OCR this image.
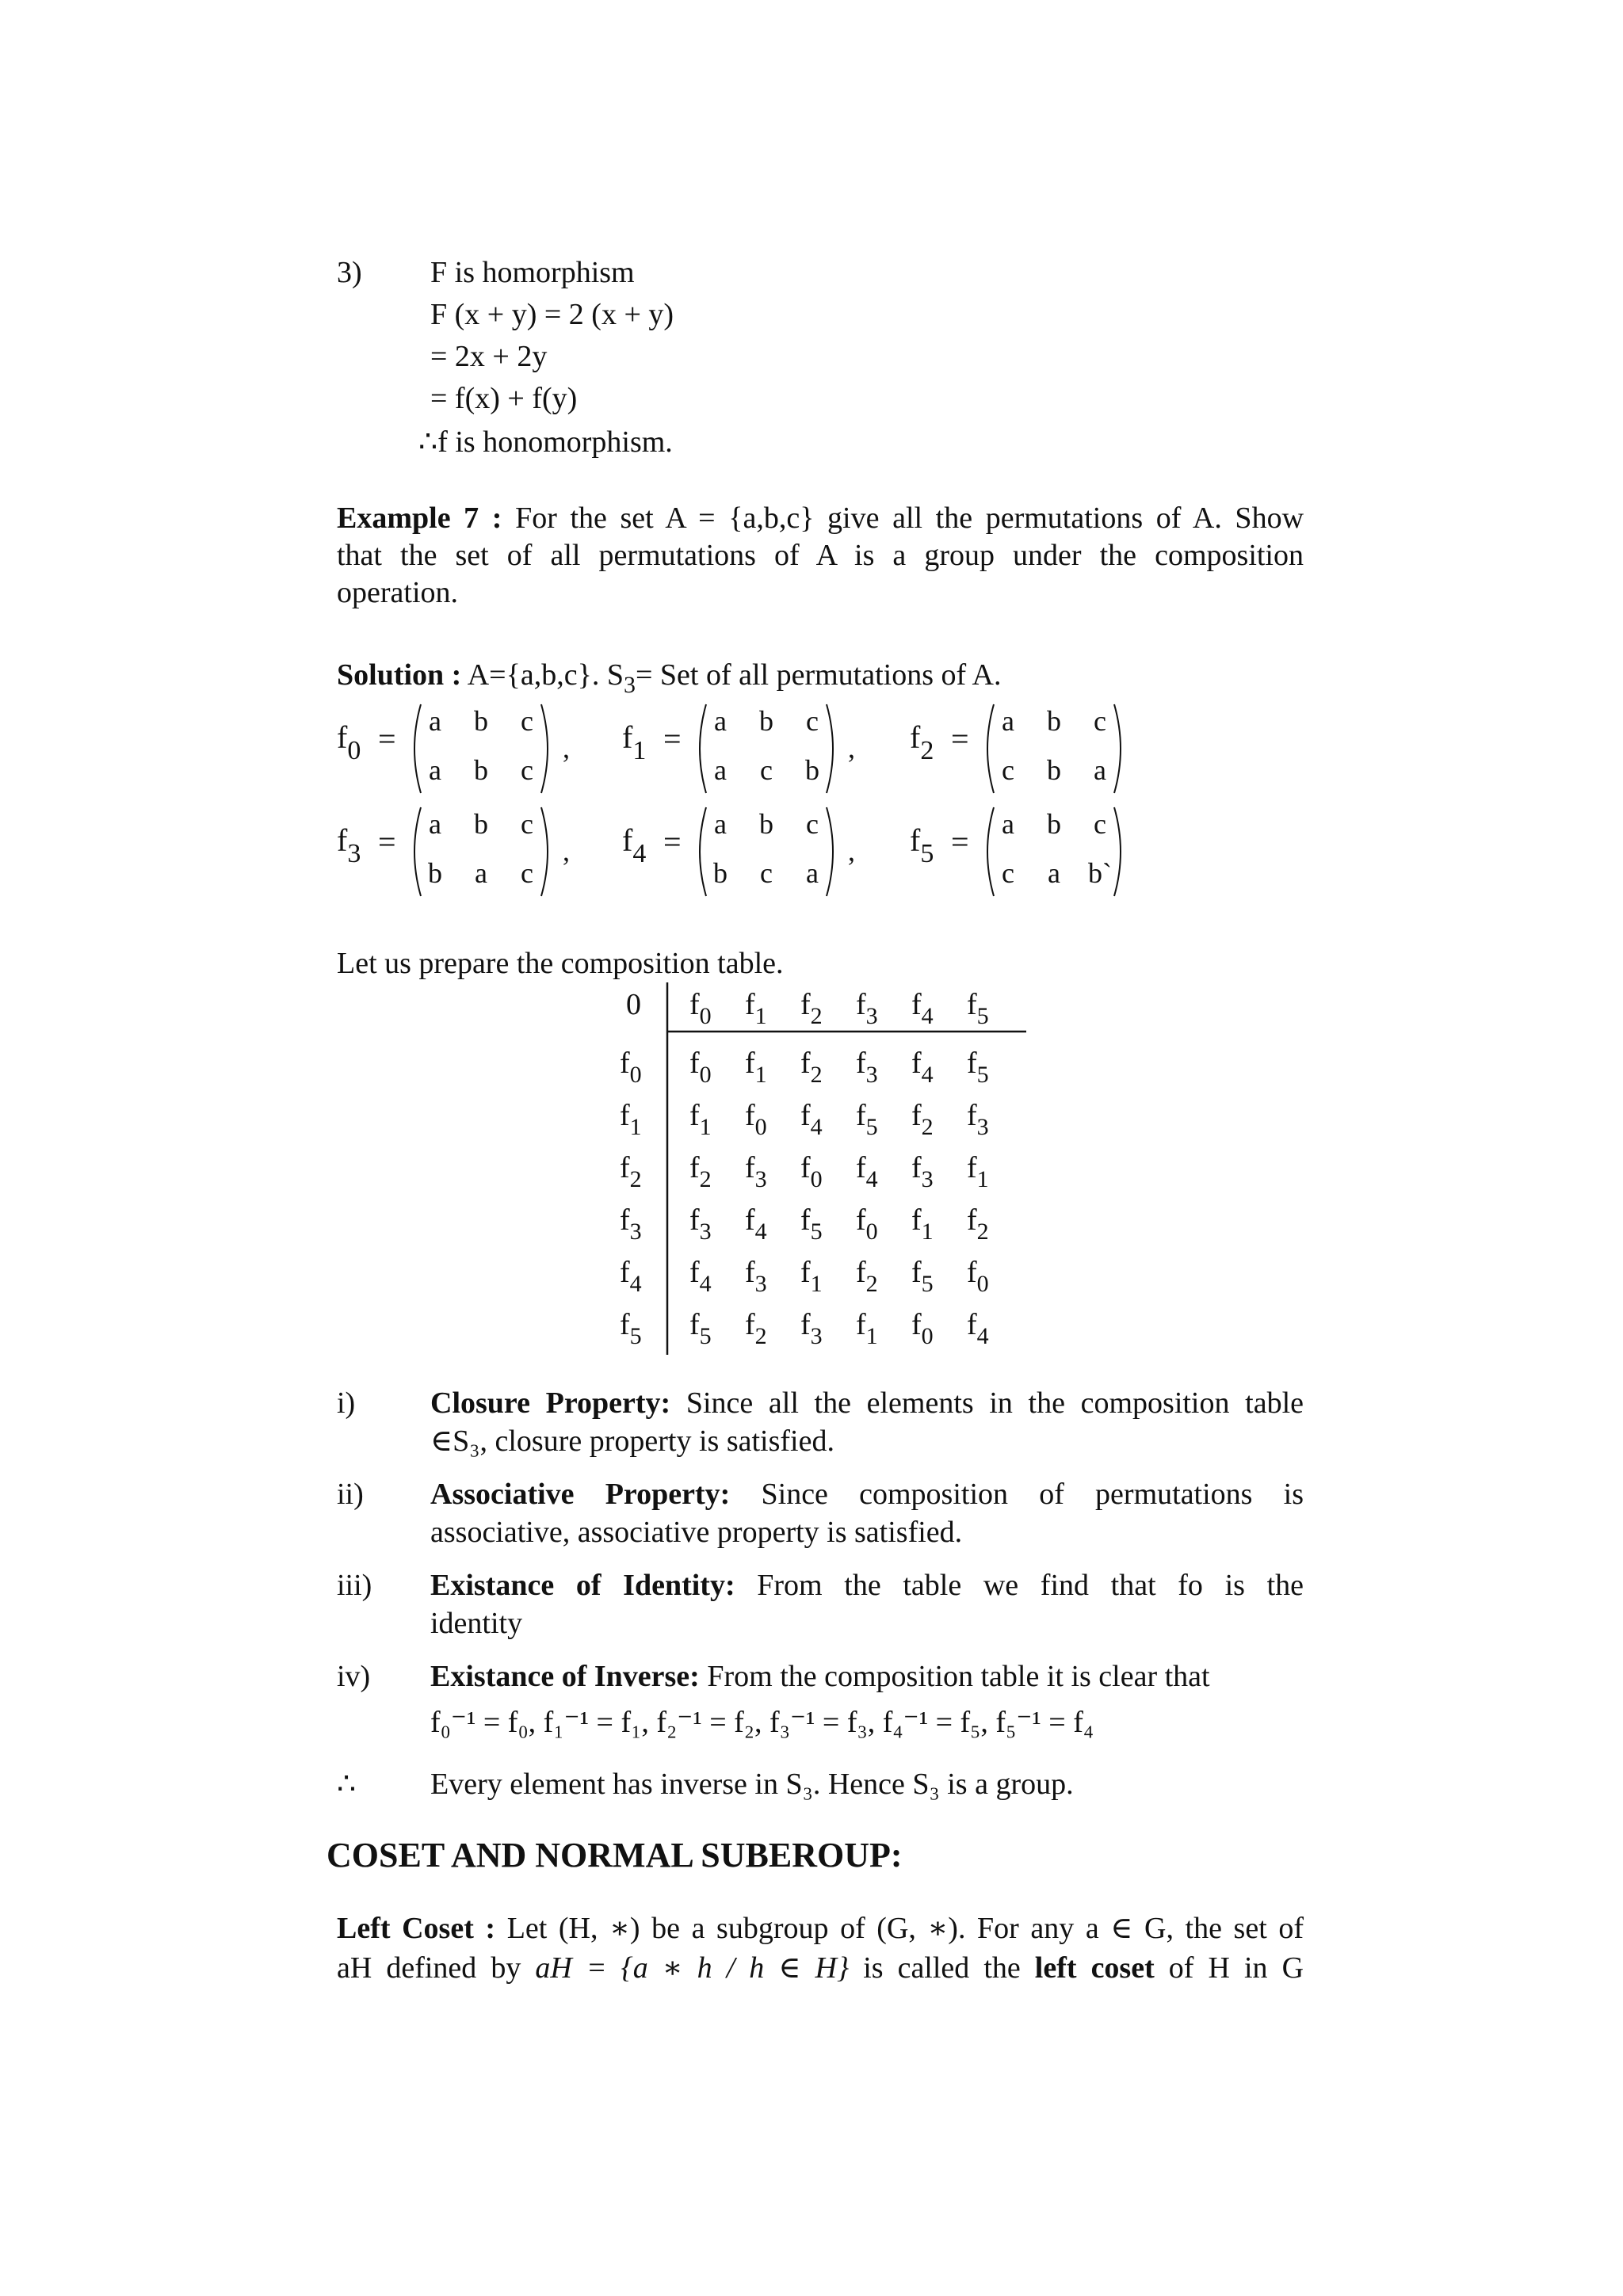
3) F is homorphism
F (x + y) = 2 (x + y)
= 2x + 2y
= f(x) + f(y)
∴f is honomorphism.
Example 7 : For the set A = {a,b,c} give all the permutations of A. Show
that the set of all permutations of A is a group under the composition
operation.
Solution : A={a,b,c}. $S_3=$ Set of all permutations of A.
$f_0$ =	a	b	c
a	b	c
, $f_1$ =	a	b	c
a	c	b
, $f_2$ =	a	b	c
c	b	a
$f_3$ =	a	b	c
b	a	c
, $f_4$ =	a	b	c
b	c	a
, $f_5$ =	a	b	c
c	a b`
Let us prepare the composition table.
0 $f_0$ $f_1$ $f_2$ $f_3$ $f_4$ $f_5$
$f_0$ $f_0$ $f_1$ $f_2$ $f_3$ $f_4$ $f_5$
$f_1$ $f_1$ $f_0$ $f_4$ $f_5$ $f_2$ $f_3$
$f_2$ $f_2$ $f_3$ $f_0$ $f_4$ $f_3$ $f_1$
$f_3$ $f_3$ $f_4$ $f_5$ $f_0$ $f_1$ $f_2$
$f_4$ $f_4$ $f_3$ $f_1$ $f_2$ $f_5$ $f_0$
$f_5$ $f_5$ $f_2$ $f_3$ $f_1$ $f_0$ $f_4$
i) Closure Property: Since all the elements in the composition table
∈S₃, closure property is satisfied.
ii) Associative Property: Since composition of permutations is
associative, associative property is satisfied.
iii) Existance of Identity: From the table we find that fo is the
identity
iv) Existance of Inverse: From the composition table it is clear that
f₀⁻¹ = f₀, f₁⁻¹ = f₁, f₂⁻¹ = f₂, f₃⁻¹ = f₃, f₄⁻¹ = f₅, f₅⁻¹ = f₄
∴ Every element has inverse in S₃. Hence S₃ is a group.
COSET AND NORMAL SUBEROUP:
Left Coset : Let (H, ∗) be a subgroup of (G, ∗). For any a ∈ G, the set of
aH defined by aH = {a ∗ h / h ∈ H} is called the left coset of H in G
